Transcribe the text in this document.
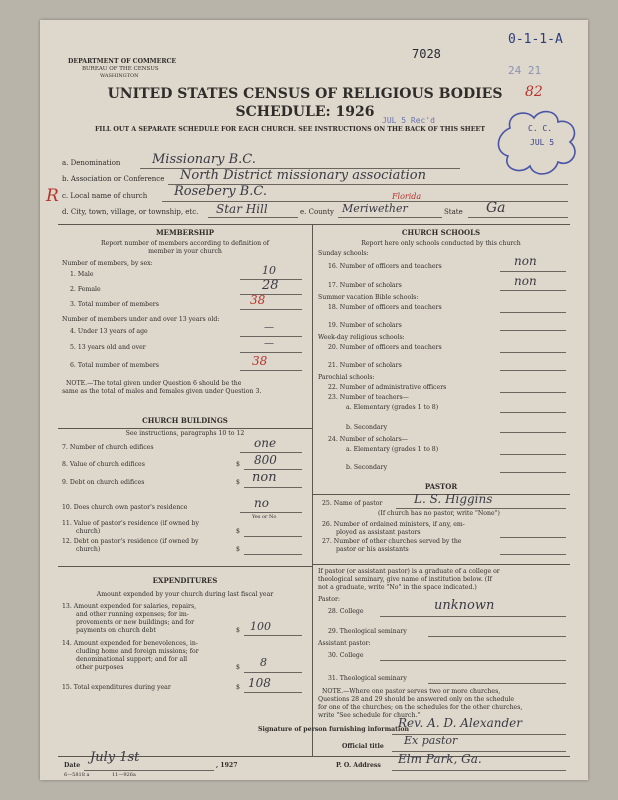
DEPARTMENT OF COMMERCE
BUREAU OF THE CENSUS
WASHINGTON
0-1-1-A
7028
24 21
82
UNITED STATES CENSUS OF RELIGIOUS BODIES
SCHEDULE: 1926
JUL 5 Rec'd
FILL OUT A SEPARATE SCHEDULE FOR EACH CHURCH. SEE INSTRUCTIONS ON THE BACK OF THIS SHEET	C. C.
JUL 5
a. Denomination Missionary B.C.
b. Association or Conference North District missionary association
R c. Local name of church Rosebery B.C.
d. City, town, village, or township, etc. Star Hill	e. County Meriwether
Florida
State Ga
MEMBERSHIP
Report number of members according to definition of
member in your church
Number of members, by sex:
1. Male	10
2. Female	28
3. Total number of members	38
Number of members under and over 13 years old:
4. Under 13 years of age	—
5. 13 years old and over	—
6. Total number of members	38
NOTE.—The total given under Question 6 should be the
same as the total of males and females given under Question 3.
CHURCH BUILDINGS
See instructions, paragraphs 10 to 12
7. Number of church edifices	one
8. Value of church edifices	$ 800
9. Debt on church edifices	$ non
10. Does church own pastor's residence	no
Yes or No
11. Value of pastor's residence (if owned by
church)	$
12. Debt on pastor's residence (if owned by
church)	$
EXPENDITURES
Amount expended by your church during last fiscal year
13. Amount expended for salaries, repairs,
and other running expenses; for im-
provements or new buildings; and for
payments on church debt	$ 100
14. Amount expended for benevolences, in-
cluding home and foreign missions; for
denominational support; and for all
other purposes	$ 8
15. Total expenditures during year	$ 108
CHURCH SCHOOLS
Report here only schools conducted by this church
Sunday schools:
16. Number of officers and teachers	non
17. Number of scholars	non
Summer vacation Bible schools:
18. Number of officers and teachers
19. Number of scholars
Week-day religious schools:
20. Number of officers and teachers
21. Number of scholars
Parochial schools:
22. Number of administrative officers
23. Number of teachers—
a. Elementary (grades 1 to 8)
b. Secondary
24. Number of scholars—
a. Elementary (grades 1 to 8)
b. Secondary
PASTOR
25. Name of pastor	L. S. Higgins
(If church has no pastor, write "None")
26. Number of ordained ministers, if any, em-
ployed as assistant pastors
27. Number of other churches served by the
pastor or his assistants
If pastor (or assistant pastor) is a graduate of a college or
theological seminary, give name of institution below. (If
not a graduate, write "No" in the space indicated.)
Pastor:
28. College	unknown
29. Theological seminary
Assistant pastor:
30. College
31. Theological seminary
NOTE.—Where one pastor serves two or more churches,
Questions 28 and 29 should be answered only on the schedule
for one of the churches; on the schedules for the other churches,
write "See schedule for church."
Signature of person furnishing information
Rev. A. D. Alexander
Official title Ex pastor
Date
July 1st
, 1927	P. O. Address Elm Park, Ga.
6—5818 a	11—926a
